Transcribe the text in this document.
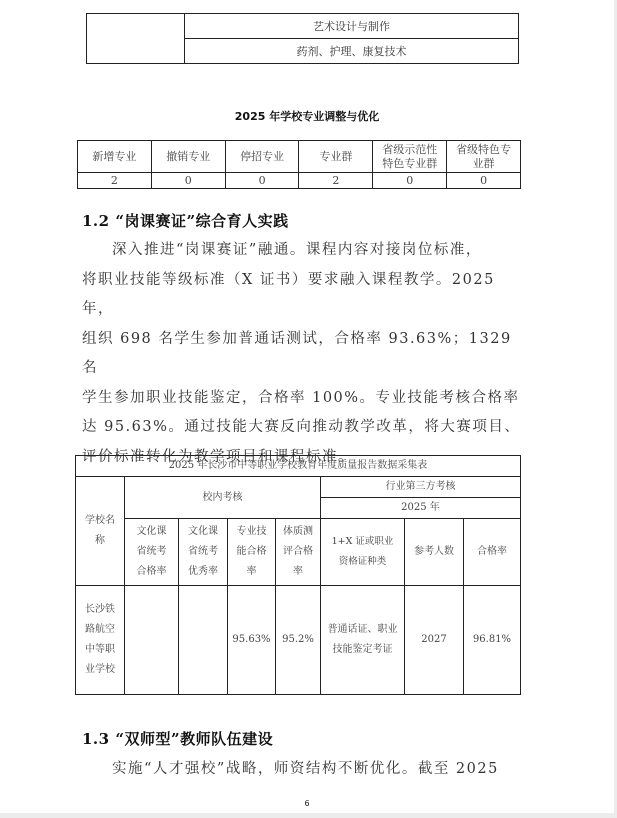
	艺术设计与制作
药剂、护理、康复技术
2025 年学校专业调整与优化
新增专业	撤销专业	停招专业	专业群	省级示范性特色专业群	省级特色专业群

2	0	0	2	0	0
1.2 “岗课赛证”综合育人实践
深入推进“岗课赛证”融通。课程内容对接岗位标准，
将职业技能等级标准（X 证书）要求融入课程教学。2025 年，
组织 698 名学生参加普通话测试，合格率 93.63%；1329 名
学生参加职业技能鉴定，合格率 100%。专业技能考核合格率
达 95.63%。通过技能大赛反向推动教学改革，将大赛项目、
评价标准转化为教学项目和课程标准。
2025 年长沙市中等职业学校教育年度质量报告数据采集表							

学校名称	校内考核				行业第三方考核		
					2025 年		

	文化课省统考合格率	文化课省统考优秀率	专业技能合格率	体质测评合格率	1+X 证或职业资格证种类	参考人数	合格率

长沙铁路航空中等职业学校			95.63%	95.2%	普通话证、职业技能鉴定考证	2027	96.81%
1.3 “双师型”教师队伍建设
实施“人才强校”战略，师资结构不断优化。截至 2025
6
